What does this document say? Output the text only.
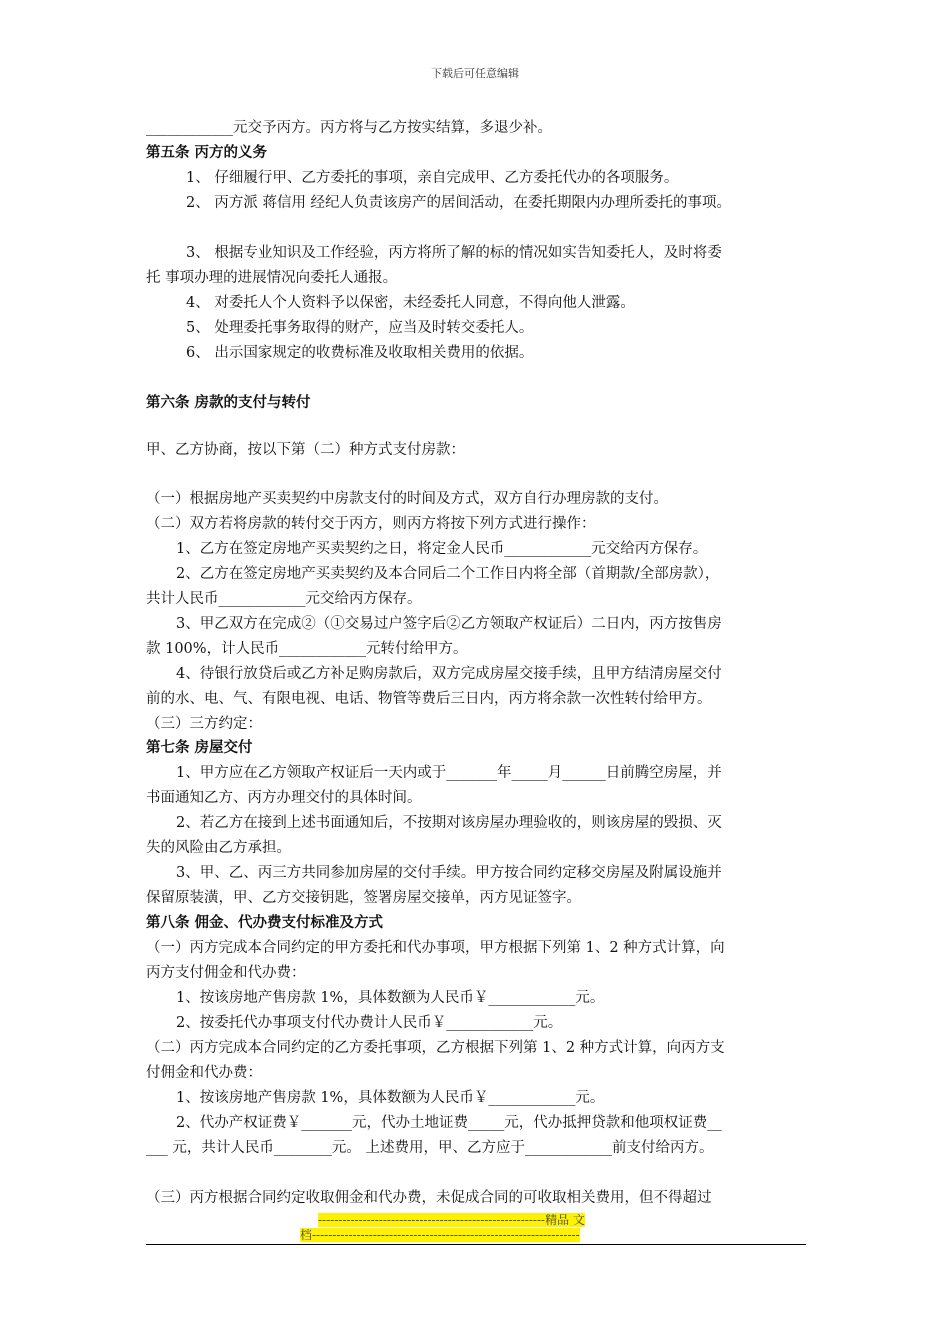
下载后可任意编辑
____________元交予丙方。丙方将与乙方按实结算，多退少补。
第五条 丙方的义务
1、 仔细履行甲、乙方委托的事项，亲自完成甲、乙方委托代办的各项服务。
2、 丙方派 蒋信用 经纪人负责该房产的居间活动，在委托期限内办理所委托的事项。
3、 根据专业知识及工作经验，丙方将所了解的标的情况如实告知委托人，及时将委
托 事项办理的进展情况向委托人通报。
4、 对委托人个人资料予以保密，未经委托人同意，不得向他人泄露。
5、 处理委托事务取得的财产，应当及时转交委托人。
6、 出示国家规定的收费标准及收取相关费用的依据。
第六条 房款的支付与转付
甲、乙方协商，按以下第（二）种方式支付房款：
（一）根据房地产买卖契约中房款支付的时间及方式，双方自行办理房款的支付。
（二）双方若将房款的转付交于丙方，则丙方将按下列方式进行操作：
1、乙方在签定房地产买卖契约之日，将定金人民币____________元交给丙方保存。
2、乙方在签定房地产买卖契约及本合同后二个工作日内将全部（首期款/全部房款），
共计人民币____________元交给丙方保存。
3、甲乙双方在完成②（①交易过户签字后②乙方领取产权证后）二日内，丙方按售房
款 100%，计人民币____________元转付给甲方。
4、待银行放贷后或乙方补足购房款后，双方完成房屋交接手续，且甲方结清房屋交付
前的水、电、气、有限电视、电话、物管等费后三日内，丙方将余款一次性转付给甲方。
（三）三方约定：
第七条 房屋交付
1、甲方应在乙方领取产权证后一天内或于_______年_____月______日前腾空房屋，并
书面通知乙方、丙方办理交付的具体时间。
2、若乙方在接到上述书面通知后，不按期对该房屋办理验收的，则该房屋的毁损、灭
失的风险由乙方承担。
3、甲、乙、丙三方共同参加房屋的交付手续。甲方按合同约定移交房屋及附属设施并
保留原装潢，甲、乙方交接钥匙，签署房屋交接单，丙方见证签字。
第八条 佣金、代办费支付标准及方式
（一）丙方完成本合同约定的甲方委托和代办事项，甲方根据下列第 1、2 种方式计算，向
丙方支付佣金和代办费：
1、按该房地产售房款 1%，具体数额为人民币￥____________元。
2、按委托代办事项支付代办费计人民币￥____________元。
（二）丙方完成本合同约定的乙方委托事项，乙方根据下列第 1、2 种方式计算，向丙方支
付佣金和代办费：
1、按该房地产售房款 1%，具体数额为人民币￥____________元。
2、代办产权证费￥_______元，代办土地证费_____元，代办抵押贷款和他项权证费__
___ 元，共计人民币________元。 上述费用，甲、乙方应于____________前支付给丙方。
（三）丙方根据合同约定收取佣金和代办费，未促成合同的可收取相关费用，但不得超过
--------------------------------------------------------精品 文
档------------------------------------------------------------------
